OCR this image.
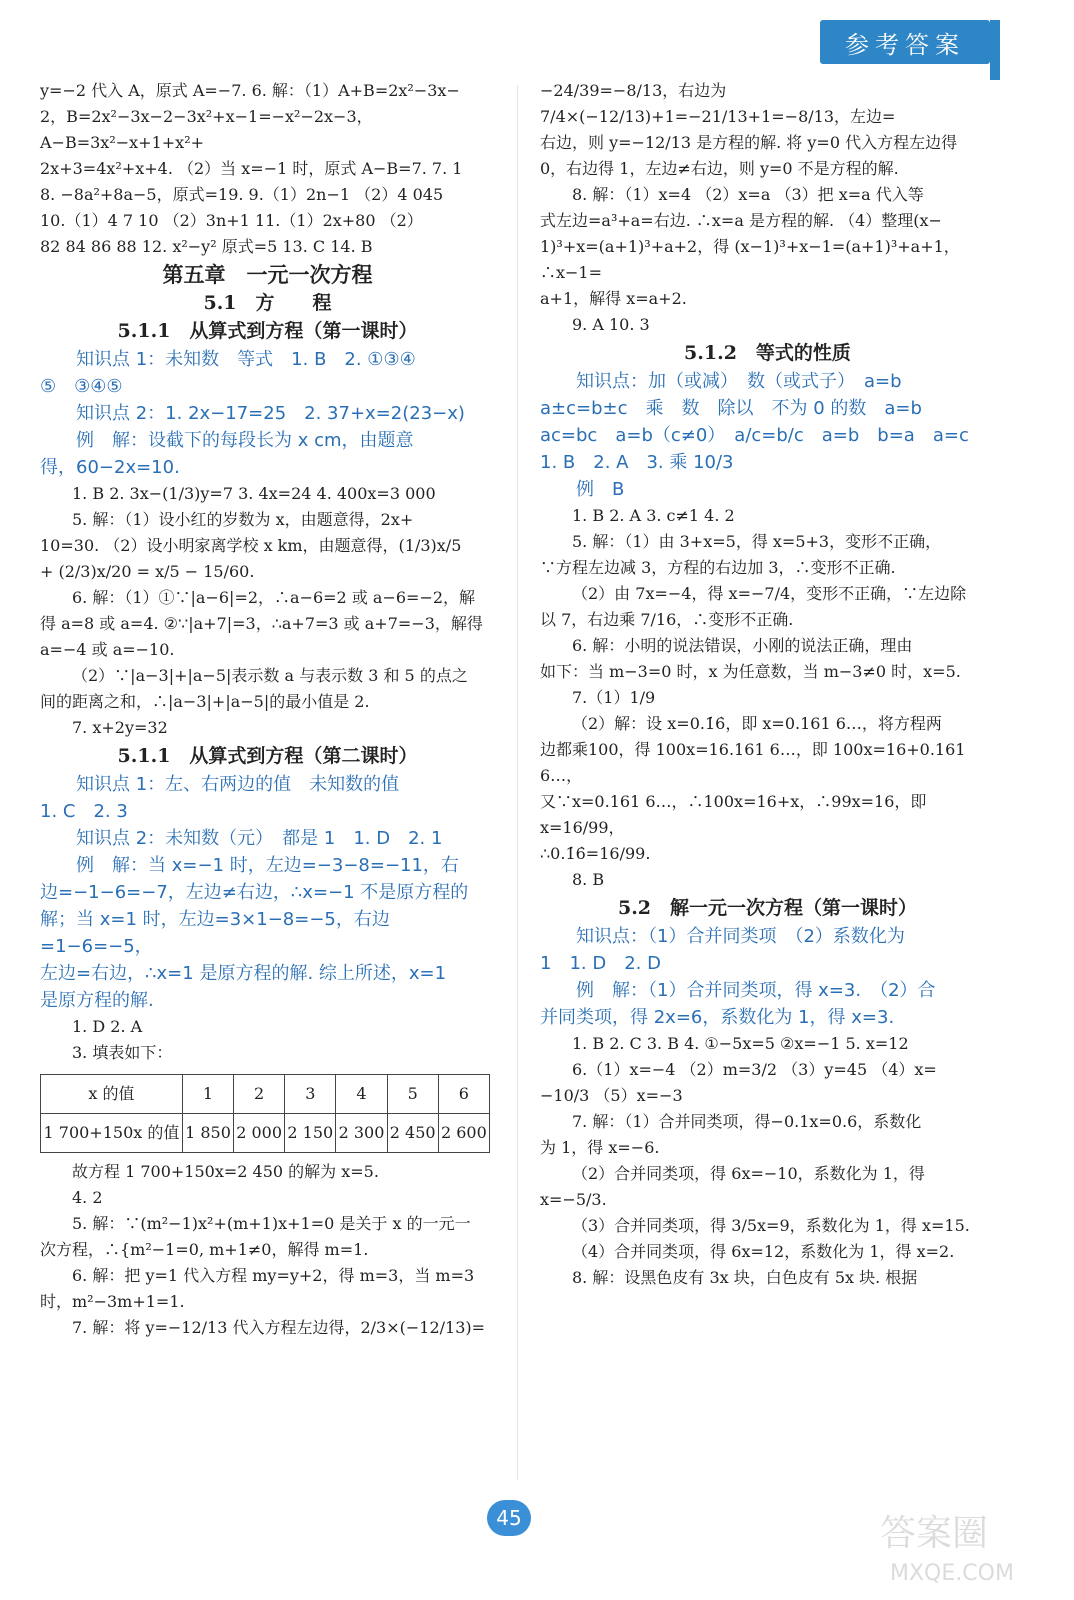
参考答案

y=−2 代入 A，原式 A=−7. 6. 解：（1）A+B=2x²−3x−

2，B=2x²−3x−2−3x²+x−1=−x²−2x−3，A−B=3x²−x+1+x²+

2x+3=4x²+x+4. （2）当 x=−1 时，原式 A−B=7. 7. 1

8. −8a²+8a−5，原式=19. 9.（1）2n−1 （2）4 045

10.（1）4 7 10 （2）3n+1 11.（1）2x+80 （2）

82 84 86 88 12. x²−y² 原式=5 13. C 14. B

第五章　一元一次方程
5.1　方　　程
5.1.1　从算式到方程（第一课时）

知识点 1：未知数　等式　1. B　2. ①③④

⑤　③④⑤

知识点 2：1. 2x−17=25　2. 37+x=2(23−x)

例　解：设截下的每段长为 x cm，由题意

得，60−2x=10.

1. B 2. 3x−(1/3)y=7 3. 4x=24 4. 400x=3 000

5. 解：（1）设小红的岁数为 x，由题意得，2x+

10=30. （2）设小明家离学校 x km，由题意得，(1/3)x/5

+ (2/3)x/20 = x/5 − 15/60.

6. 解：（1）①∵|a−6|=2，∴a−6=2 或 a−6=−2，解

得 a=8 或 a=4. ②∵|a+7|=3，∴a+7=3 或 a+7=−3，解得

a=−4 或 a=−10.

（2）∵|a−3|+|a−5|表示数 a 与表示数 3 和 5 的点之

间的距离之和，∴|a−3|+|a−5|的最小值是 2.

7. x+2y=32

5.1.1　从算式到方程（第二课时）

知识点 1：左、右两边的值　未知数的值

1. C　2. 3

知识点 2：未知数（元）　都是 1　1. D　2. 1

例　解：当 x=−1 时，左边=−3−8=−11，右

边=−1−6=−7，左边≠右边，∴x=−1 不是原方程的

解；当 x=1 时，左边=3×1−8=−5，右边=1−6=−5，

左边=右边，∴x=1 是原方程的解. 综上所述，x=1

是原方程的解.

1. D 2. A

3. 填表如下：

x 的值	1	2	3	4	5	6
1 700+150x 的值	1 850	2 000	2 150	2 300	2 450	2 600

故方程 1 700+150x=2 450 的解为 x=5.

4. 2

5. 解：∵(m²−1)x²+(m+1)x+1=0 是关于 x 的一元一

次方程，∴{m²−1=0, m+1≠0，解得 m=1.

6. 解：把 y=1 代入方程 my=y+2，得 m=3，当 m=3

时，m²−3m+1=1.

7. 解：将 y=−12/13 代入方程左边得，2/3×(−12/13)=

−24/39=−8/13，右边为 7/4×(−12/13)+1=−21/13+1=−8/13，左边=

右边，则 y=−12/13 是方程的解. 将 y=0 代入方程左边得

0，右边得 1，左边≠右边，则 y=0 不是方程的解.

8. 解：（1）x=4 （2）x=a （3）把 x=a 代入等

式左边=a³+a=右边. ∴x=a 是方程的解. （4）整理(x−

1)³+x=(a+1)³+a+2，得 (x−1)³+x−1=(a+1)³+a+1，∴x−1=

a+1，解得 x=a+2.

9. A 10. 3

5.1.2　等式的性质

知识点：加（或减）　数（或式子）　a=b

a±c=b±c　乘　数　除以　不为 0 的数　a=b

ac=bc　a=b（c≠0）　a/c=b/c　a=b　b=a　a=c

1. B　2. A　3. 乘 10/3

例　B

1. B 2. A 3. c≠1 4. 2

5. 解：（1）由 3+x=5，得 x=5+3，变形不正确，

∵方程左边减 3，方程的右边加 3，∴变形不正确.

（2）由 7x=−4，得 x=−7/4，变形不正确，∵左边除

以 7，右边乘 7/16，∴变形不正确.

6. 解：小明的说法错误，小刚的说法正确，理由

如下：当 m−3=0 时，x 为任意数，当 m−3≠0 时，x=5.

7.（1）1/9

（2）解：设 x=0.1̇6̇，即 x=0.161 6…，将方程两

边都乘100，得 100x=16.161 6…，即 100x=16+0.161 6…，

又∵x=0.161 6…，∴100x=16+x，∴99x=16，即 x=16/99，

∴0.1̇6̇=16/99.

8. B

5.2　解一元一次方程（第一课时）

知识点：（1）合并同类项　（2）系数化为

1　1. D　2. D

例　解：（1）合并同类项，得 x=3.　（2）合

并同类项，得 2x=6，系数化为 1，得 x=3.

1. B 2. C 3. B 4. ①−5x=5 ②x=−1 5. x=12

6.（1）x=−4 （2）m=3/2 （3）y=45 （4）x=

−10/3 （5）x=−3

7. 解：（1）合并同类项，得−0.1x=0.6，系数化

为 1，得 x=−6.

（2）合并同类项，得 6x=−10，系数化为 1，得

x=−5/3.

（3）合并同类项，得 3/5x=9，系数化为 1，得 x=15.

（4）合并同类项，得 6x=12，系数化为 1，得 x=2.

8. 解：设黑色皮有 3x 块，白色皮有 5x 块. 根据

45	答案圈
MXQE.COM
